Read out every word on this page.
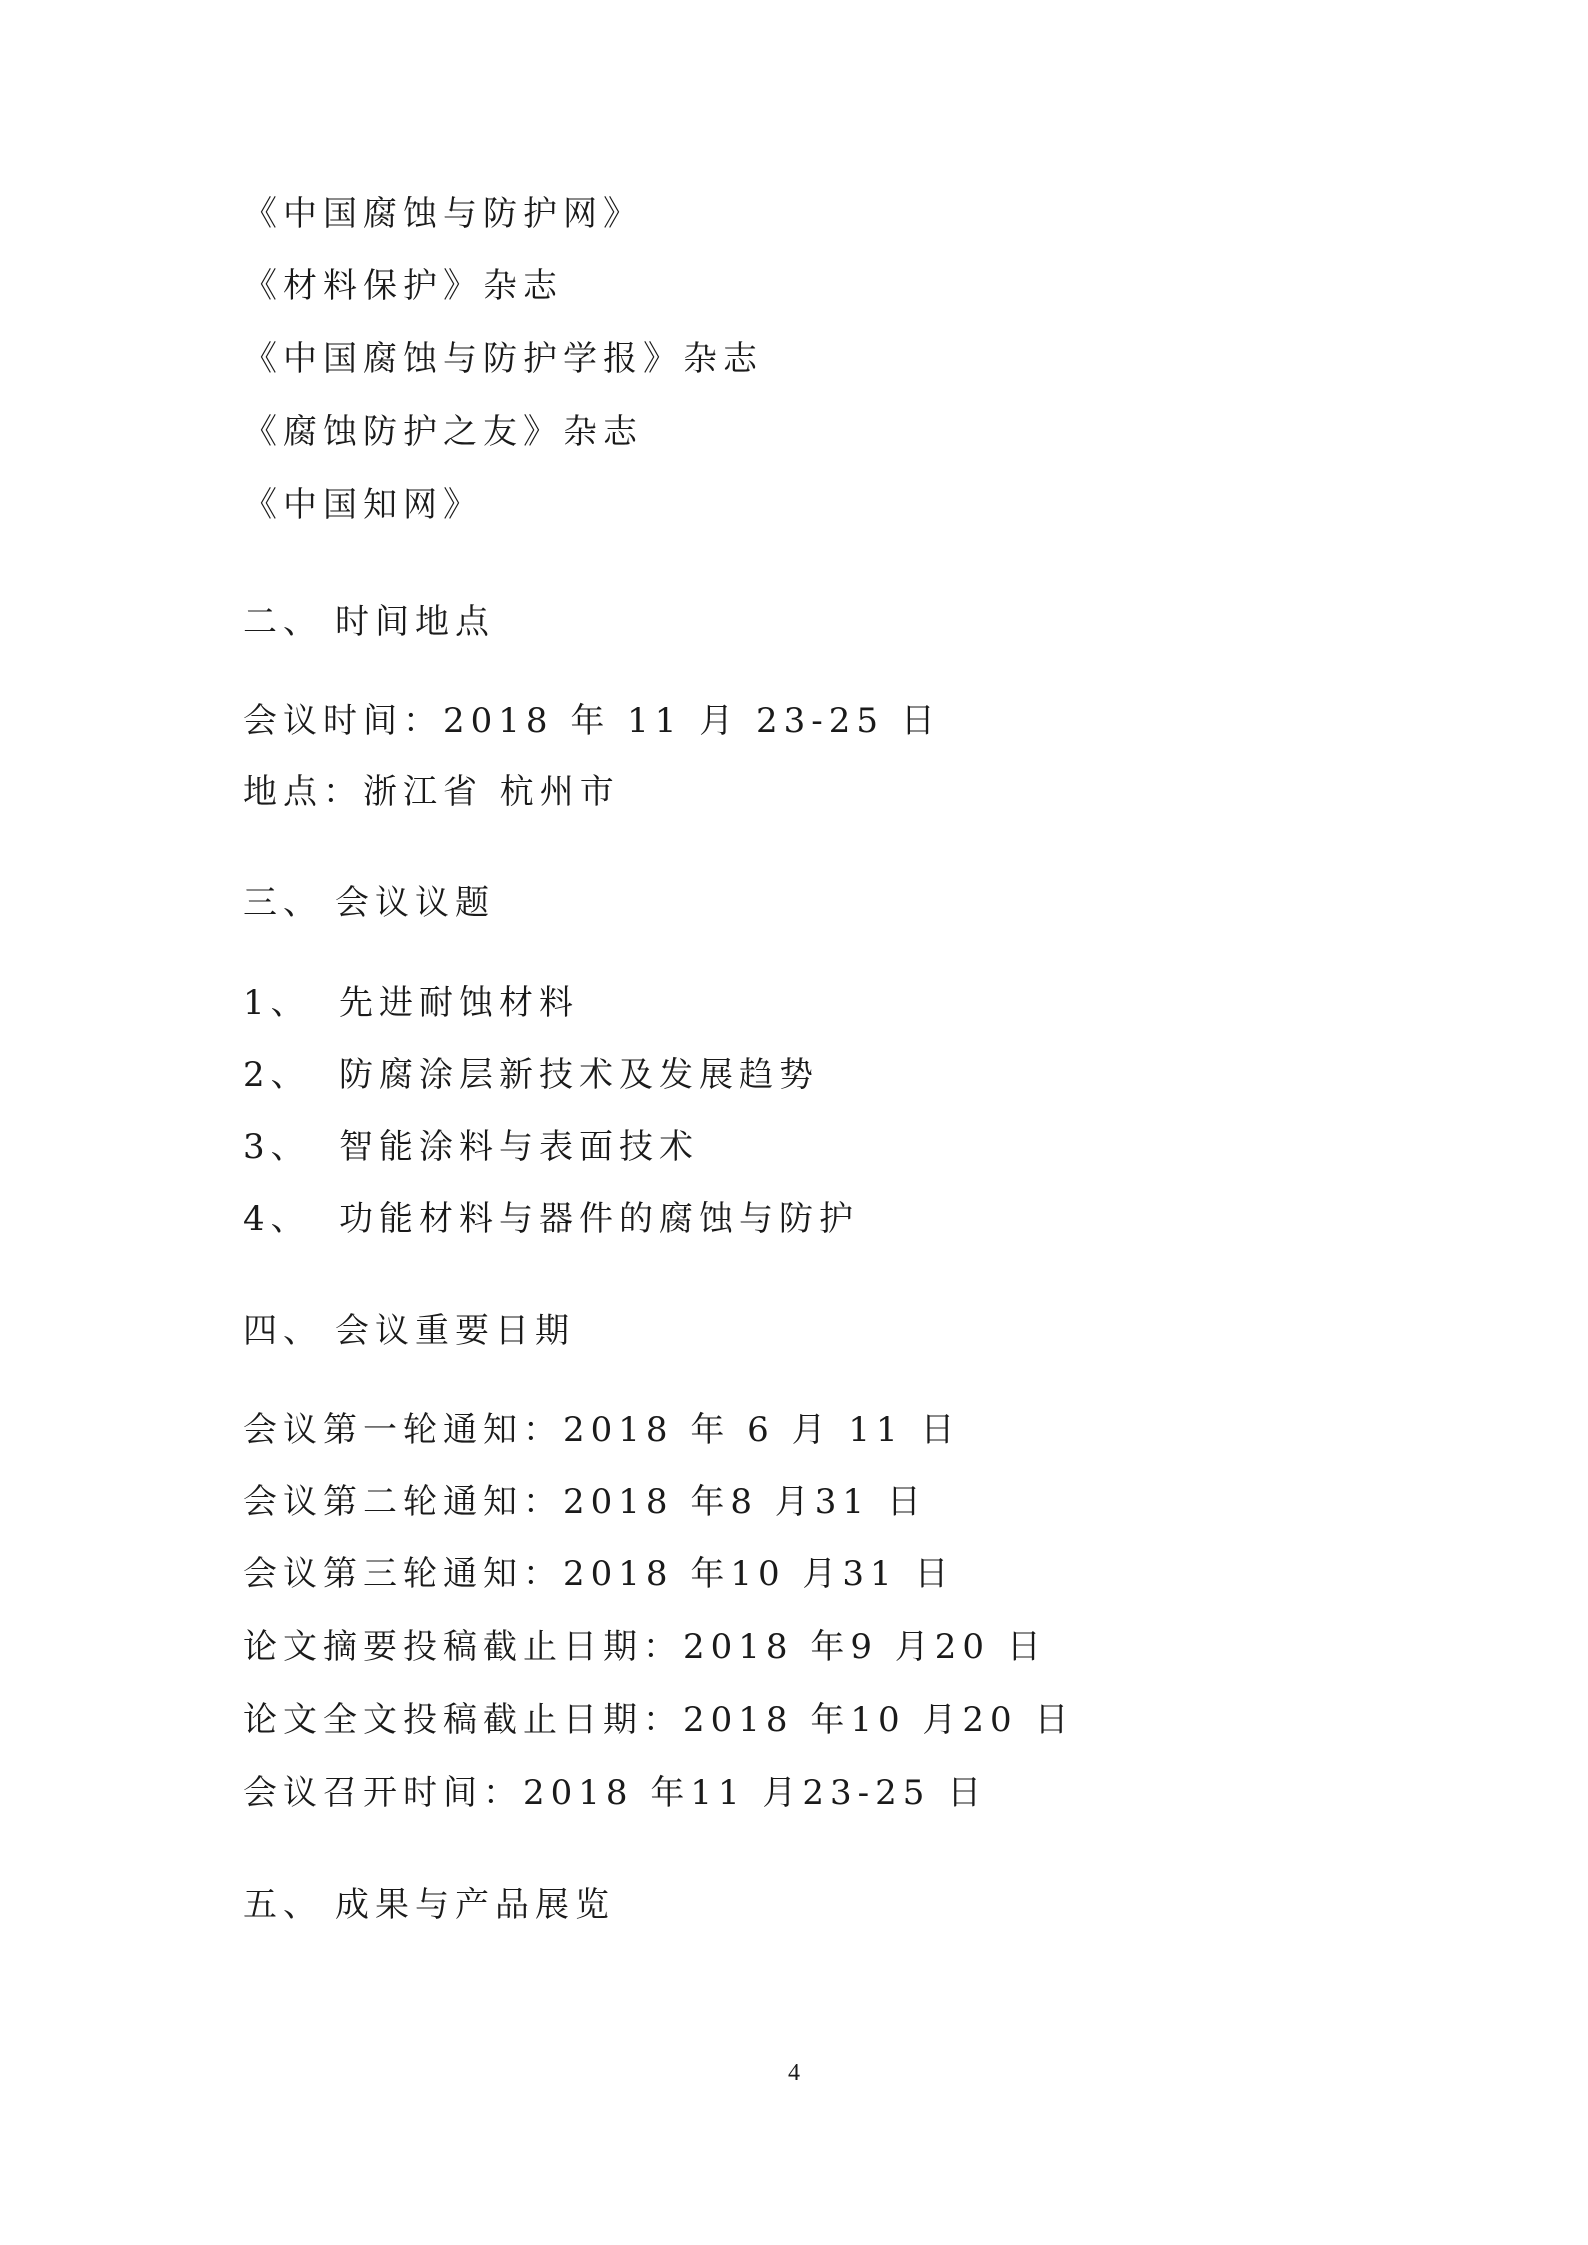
《中国腐蚀与防护网》
《材料保护》杂志
《中国腐蚀与防护学报》杂志
《腐蚀防护之友》杂志
《中国知网》
二、 时间地点
会议时间：2018 年 11 月 23-25 日
地点：浙江省 杭州市
三、 会议议题
1、 先进耐蚀材料
2、 防腐涂层新技术及发展趋势
3、 智能涂料与表面技术
4、 功能材料与器件的腐蚀与防护
四、 会议重要日期
会议第一轮通知：2018 年 6 月 11 日
会议第二轮通知：2018 年8 月31 日
会议第三轮通知：2018 年10 月31 日
论文摘要投稿截止日期：2018 年9 月20 日
论文全文投稿截止日期：2018 年10 月20 日
会议召开时间：2018 年11 月23-25 日
五、 成果与产品展览
4
